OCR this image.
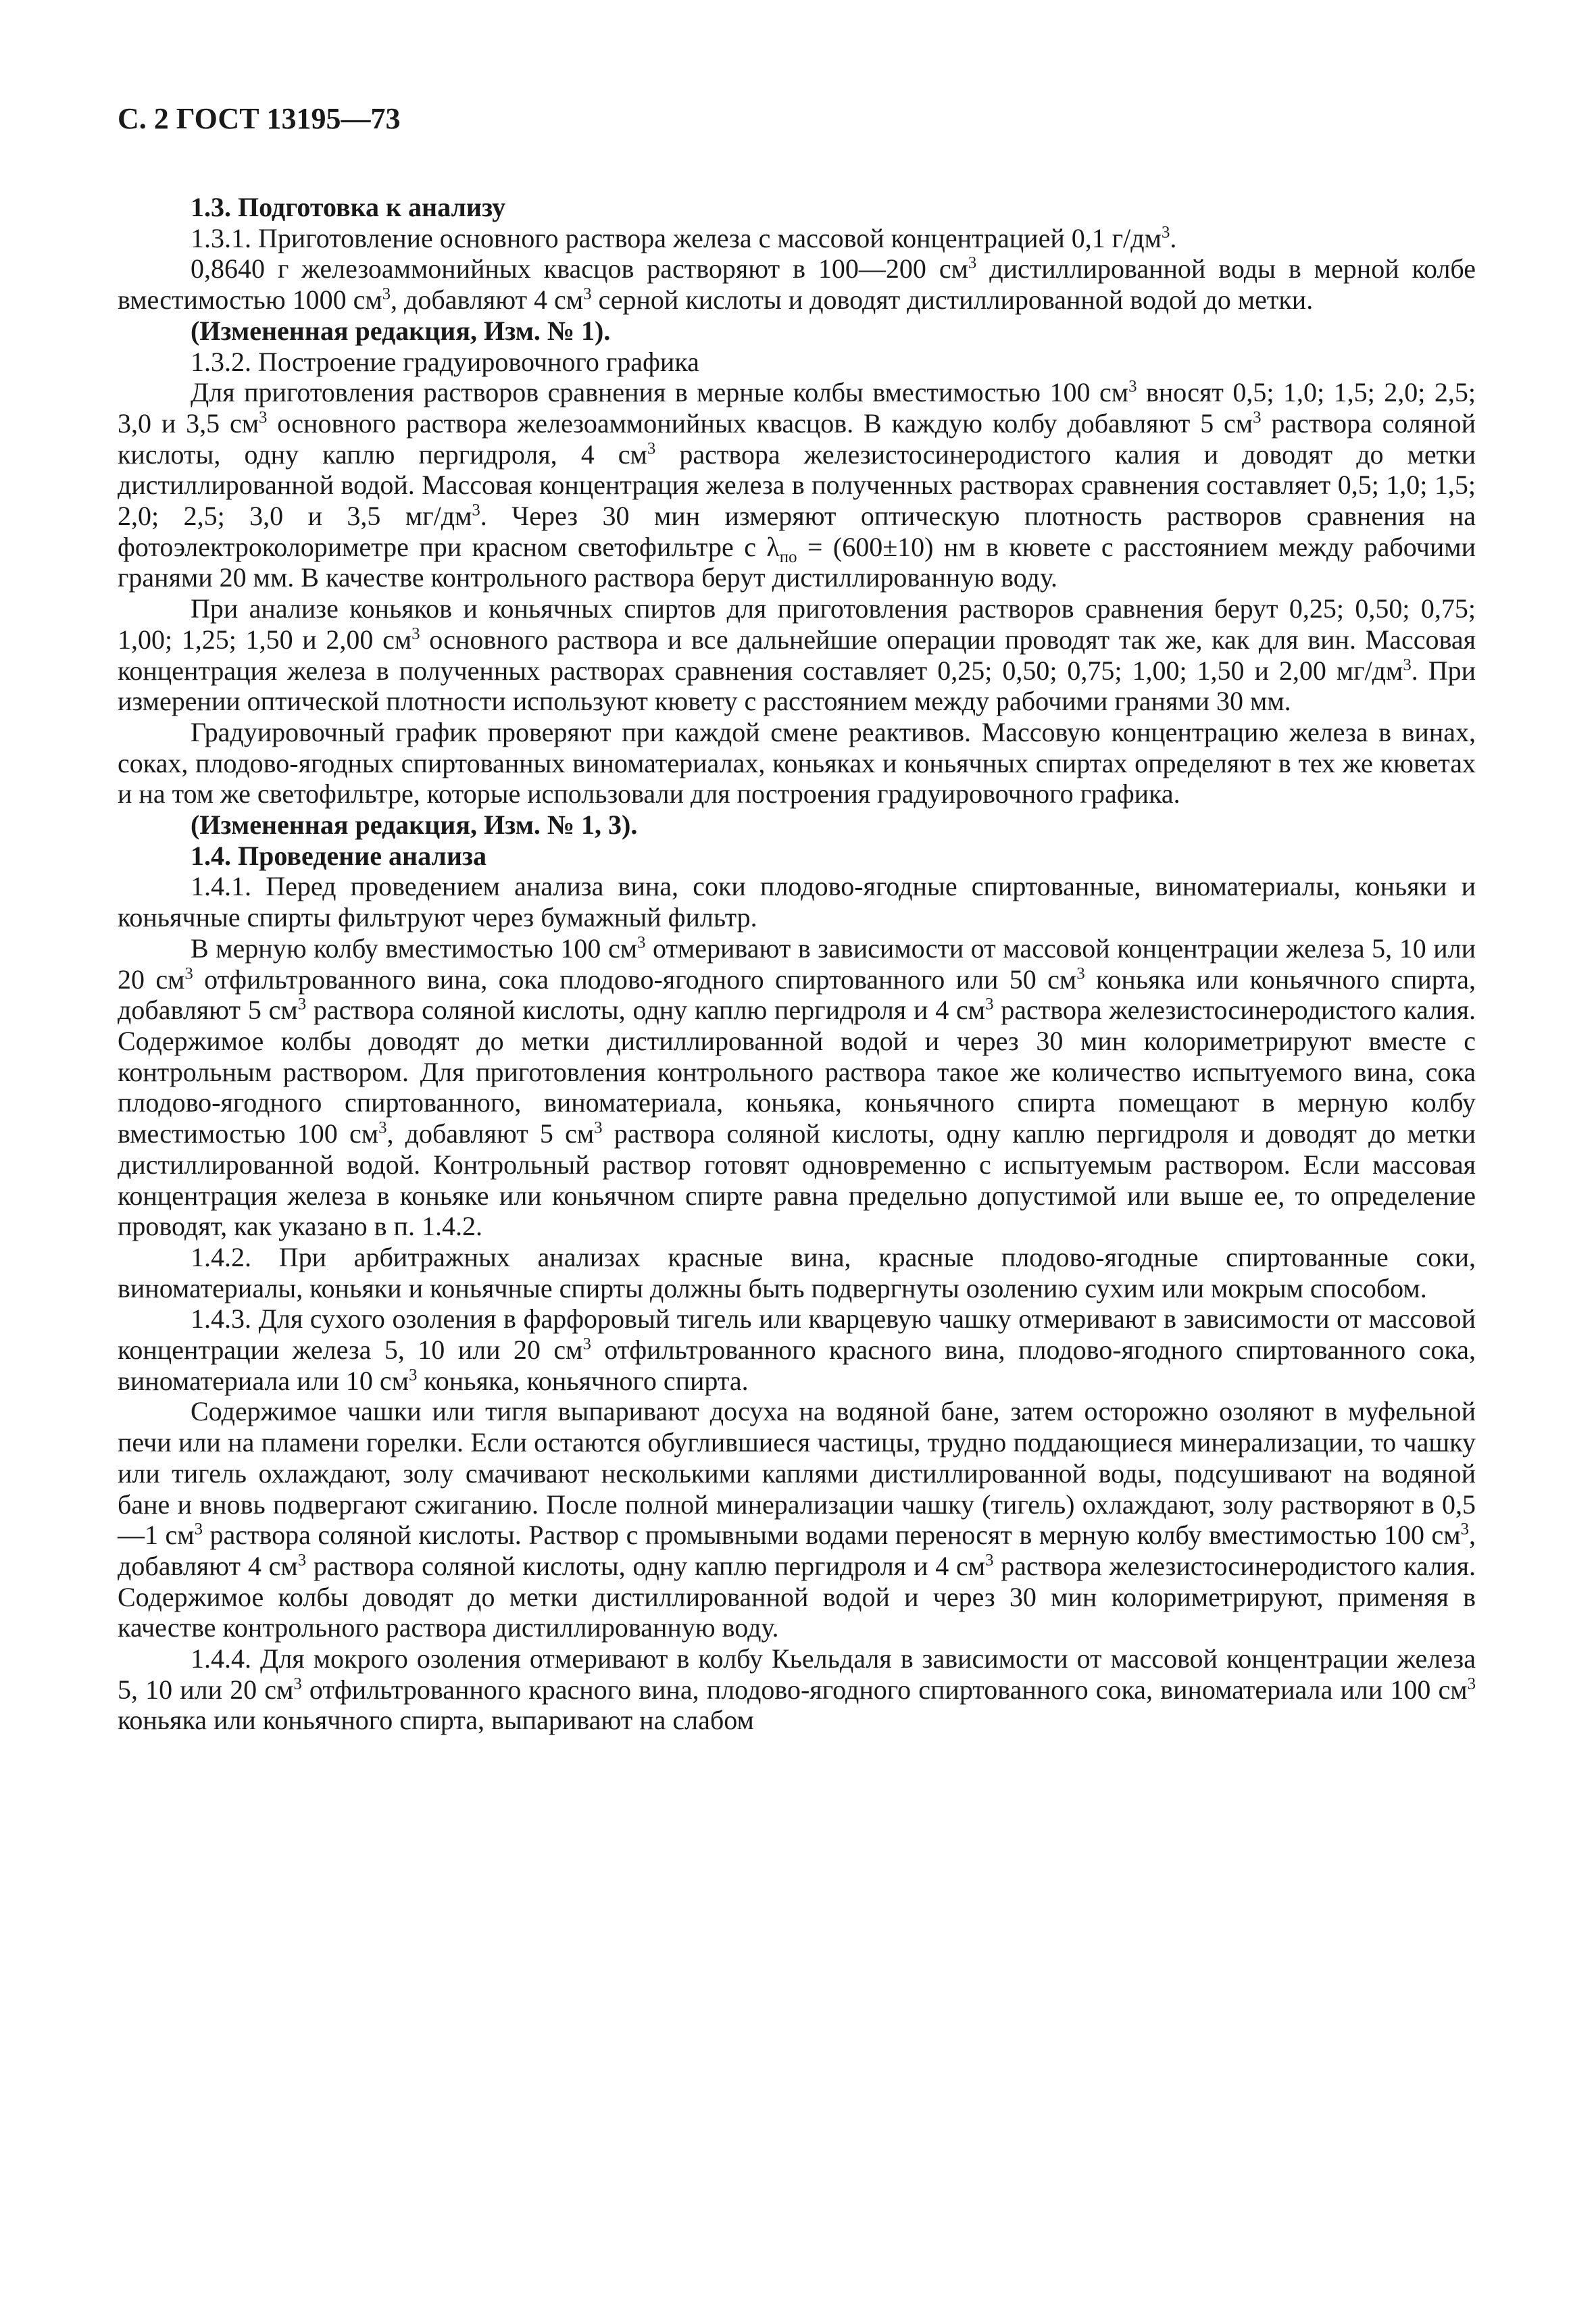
С. 2 ГОСТ 13195—73

1.3. Подготовка к анализу

1.3.1. Приготовление основного раствора железа с массовой концентрацией 0,1 $г/дм^3$.

0,8640 г железоаммонийных квасцов растворяют в 100—200 $см^3$ дистиллированной воды в мерной колбе вместимостью 1000 $см^3$, добавляют 4 $см^3$ серной кислоты и доводят дистиллированной водой до метки.

(Измененная редакция, Изм. № 1).

1.3.2. Построение градуировочного графика

Для приготовления растворов сравнения в мерные колбы вместимостью 100 $см^3$ вносят 0,5; 1,0; 1,5; 2,0; 2,5; 3,0 и 3,5 $см^3$ основного раствора железоаммонийных квасцов. В каждую колбу добавляют 5 $см^3$ раствора соляной кислоты, одну каплю пергидроля, 4 $см^3$ раствора железистосинеродистого калия и доводят до метки дистиллированной водой. Массовая концентрация железа в полученных растворах сравнения составляет 0,5; 1,0; 1,5; 2,0; 2,5; 3,0 и 3,5 $мг/дм^3$. Через 30 мин измеряют оптическую плотность растворов сравнения на фотоэлектроколориметре при красном светофильтре с $\lambda_{по} = (600\pm 10)$ нм в кювете с расстоянием между рабочими гранями 20 мм. В качестве контрольного раствора берут дистиллированную воду.

При анализе коньяков и коньячных спиртов для приготовления растворов сравнения берут 0,25; 0,50; 0,75; 1,00; 1,25; 1,50 и 2,00 $см^3$ основного раствора и все дальнейшие операции проводят так же, как для вин. Массовая концентрация железа в полученных растворах сравнения составляет 0,25; 0,50; 0,75; 1,00; 1,50 и 2,00 $мг/дм^3$. При измерении оптической плотности используют кювету с расстоянием между рабочими гранями 30 мм.

Градуировочный график проверяют при каждой смене реактивов. Массовую концентрацию железа в винах, соках, плодово-ягодных спиртованных виноматериалах, коньяках и коньячных спиртах определяют в тех же кюветах и на том же светофильтре, которые использовали для построения градуировочного графика.

(Измененная редакция, Изм. № 1, 3).

1.4. Проведение анализа

1.4.1. Перед проведением анализа вина, соки плодово-ягодные спиртованные, виноматериалы, коньяки и коньячные спирты фильтруют через бумажный фильтр.

В мерную колбу вместимостью 100 $см^3$ отмеривают в зависимости от массовой концентрации железа 5, 10 или 20 $см^3$ отфильтрованного вина, сока плодово-ягодного спиртованного или 50 $см^3$ коньяка или коньячного спирта, добавляют 5 $см^3$ раствора соляной кислоты, одну каплю пергидроля и 4 $см^3$ раствора железистосинеродистого калия. Содержимое колбы доводят до метки дистиллированной водой и через 30 мин колориметрируют вместе с контрольным раствором. Для приготовления контрольного раствора такое же количество испытуемого вина, сока плодово-ягодного спиртованного, виноматериала, коньяка, коньячного спирта помещают в мерную колбу вместимостью 100 $см^3$, добавляют 5 $см^3$ раствора соляной кислоты, одну каплю пергидроля и доводят до метки дистиллированной водой. Контрольный раствор готовят одновременно с испытуемым раствором. Если массовая концентрация железа в коньяке или коньячном спирте равна предельно допустимой или выше ее, то определение проводят, как указано в п. 1.4.2.

1.4.2. При арбитражных анализах красные вина, красные плодово-ягодные спиртованные соки, виноматериалы, коньяки и коньячные спирты должны быть подвергнуты озолению сухим или мокрым способом.

1.4.3. Для сухого озоления в фарфоровый тигель или кварцевую чашку отмеривают в зависимости от массовой концентрации железа 5, 10 или 20 $см^3$ отфильтрованного красного вина, плодово-ягодного спиртованного сока, виноматериала или 10 $см^3$ коньяка, коньячного спирта.

Содержимое чашки или тигля выпаривают досуха на водяной бане, затем осторожно озоляют в муфельной печи или на пламени горелки. Если остаются обуглившиеся частицы, трудно поддающиеся минерализации, то чашку или тигель охлаждают, золу смачивают несколькими каплями дистиллированной воды, подсушивают на водяной бане и вновь подвергают сжиганию. После полной минерализации чашку (тигель) охлаждают, золу растворяют в 0,5—1 $см^3$ раствора соляной кислоты. Раствор с промывными водами переносят в мерную колбу вместимостью 100 $см^3$, добавляют 4 $см^3$ раствора соляной кислоты, одну каплю пергидроля и 4 $см^3$ раствора железистосинеродистого калия. Содержимое колбы доводят до метки дистиллированной водой и через 30 мин колориметрируют, применяя в качестве контрольного раствора дистиллированную воду.

1.4.4. Для мокрого озоления отмеривают в колбу Кьельдаля в зависимости от массовой концентрации железа 5, 10 или 20 $см^3$ отфильтрованного красного вина, плодово-ягодного спиртованного сока, виноматериала или 100 $см^3$ коньяка или коньячного спирта, выпаривают на слабом
